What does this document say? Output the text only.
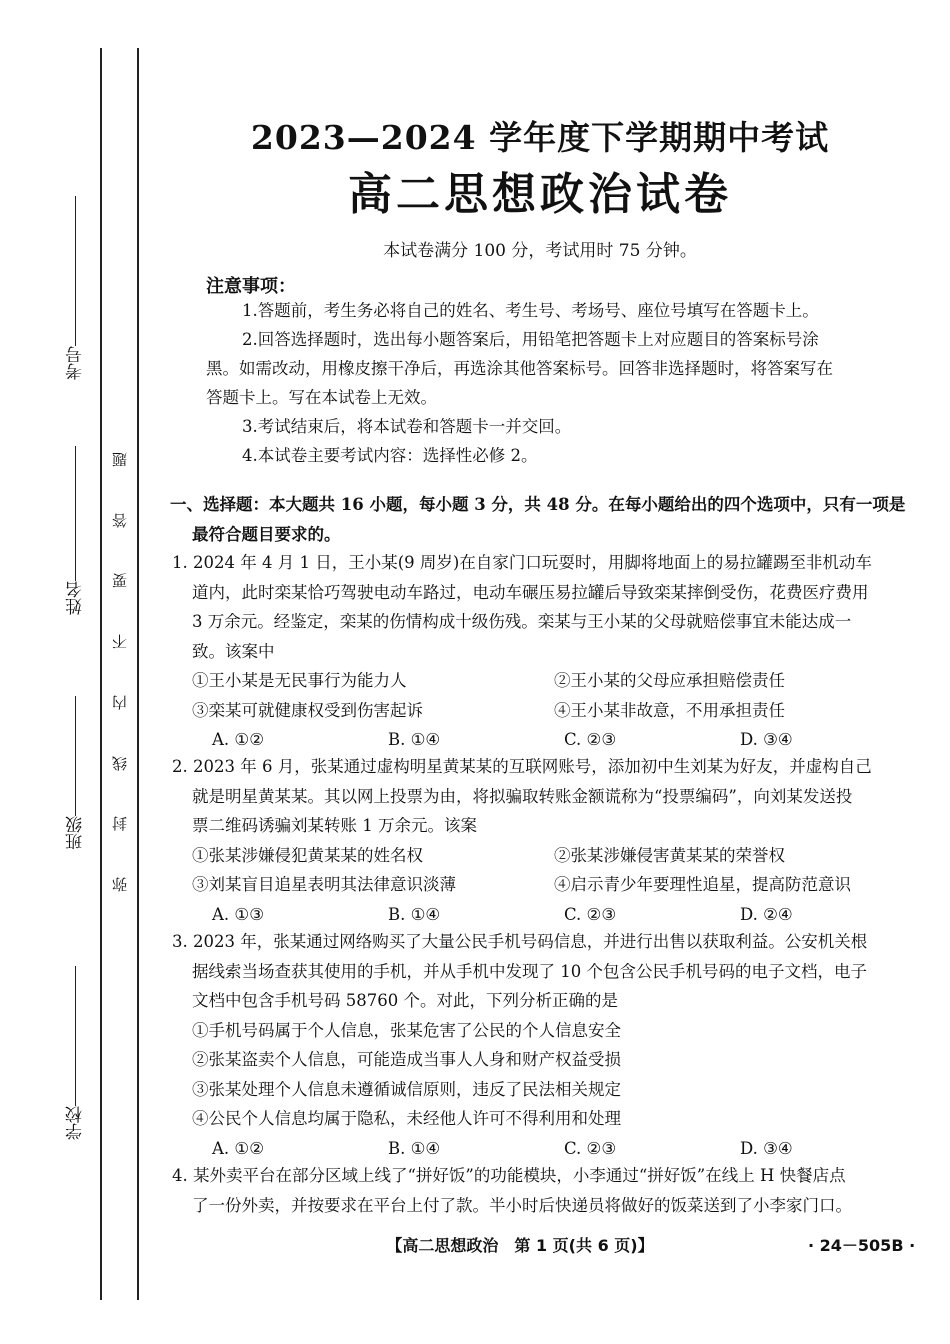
考号
姓名
班级
学校
题
答
要
不
内
线
封
弥
2023—2024 学年度下学期期中考试
高二思想政治试卷
本试卷满分 100 分，考试用时 75 分钟。
注意事项：
1.答题前，考生务必将自己的姓名、考生号、考场号、座位号填写在答题卡上。
2.回答选择题时，选出每小题答案后，用铅笔把答题卡上对应题目的答案标号涂
黑。如需改动，用橡皮擦干净后，再选涂其他答案标号。回答非选择题时，将答案写在
答题卡上。写在本试卷上无效。
3.考试结束后，将本试卷和答题卡一并交回。
4.本试卷主要考试内容：选择性必修 2。
一、选择题：本大题共 16 小题，每小题 3 分，共 48 分。在每小题给出的四个选项中，只有一项是
最符合题目要求的。
1. 2024 年 4 月 1 日，王小某(9 周岁)在自家门口玩耍时，用脚将地面上的易拉罐踢至非机动车
道内，此时栾某恰巧驾驶电动车路过，电动车碾压易拉罐后导致栾某摔倒受伤，花费医疗费用
3 万余元。经鉴定，栾某的伤情构成十级伤残。栾某与王小某的父母就赔偿事宜未能达成一
致。该案中
①王小某是无民事行为能力人	②王小某的父母应承担赔偿责任
③栾某可就健康权受到伤害起诉	④王小某非故意，不用承担责任
A. ①②	B. ①④	C. ②③	D. ③④
2. 2023 年 6 月，张某通过虚构明星黄某某的互联网账号，添加初中生刘某为好友，并虚构自己
就是明星黄某某。其以网上投票为由，将拟骗取转账金额谎称为“投票编码”，向刘某发送投
票二维码诱骗刘某转账 1 万余元。该案
①张某涉嫌侵犯黄某某的姓名权	②张某涉嫌侵害黄某某的荣誉权
③刘某盲目追星表明其法律意识淡薄	④启示青少年要理性追星，提高防范意识
A. ①③	B. ①④	C. ②③	D. ②④
3. 2023 年，张某通过网络购买了大量公民手机号码信息，并进行出售以获取利益。公安机关根
据线索当场查获其使用的手机，并从手机中发现了 10 个包含公民手机号码的电子文档，电子
文档中包含手机号码 58760 个。对此，下列分析正确的是
①手机号码属于个人信息，张某危害了公民的个人信息安全
②张某盗卖个人信息，可能造成当事人人身和财产权益受损
③张某处理个人信息未遵循诚信原则，违反了民法相关规定
④公民个人信息均属于隐私，未经他人许可不得利用和处理
A. ①②	B. ①④	C. ②③	D. ③④
4. 某外卖平台在部分区域上线了“拼好饭”的功能模块，小李通过“拼好饭”在线上 H 快餐店点
了一份外卖，并按要求在平台上付了款。半小时后快递员将做好的饭菜送到了小李家门口。
【高二思想政治　第 1 页(共 6 页)】	· 24－505B ·
